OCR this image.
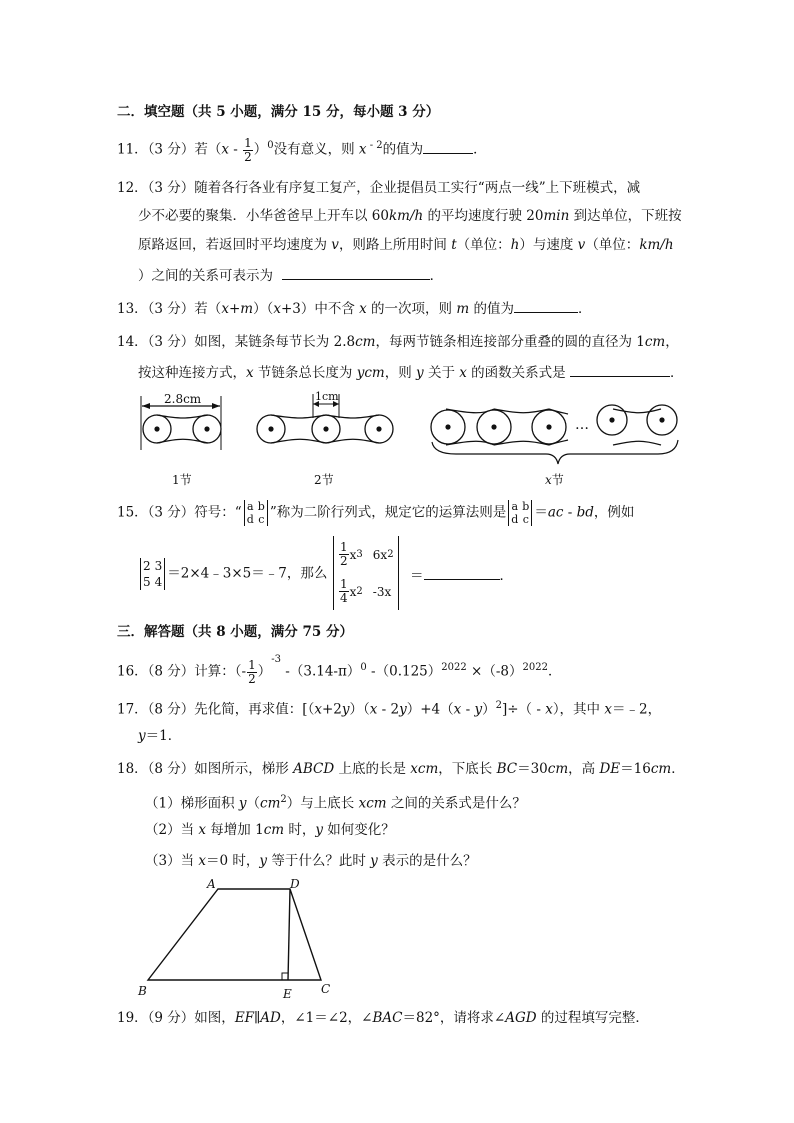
二．填空题（共 5 小题，满分 15 分，每小题 3 分）
11．（3 分）若$(x - \frac{1}{2} )^0$没有意义，则 x $^{- 2}$的值为	．
12．（3 分）随着各行各业有序复工复产，企业提倡员工实行“两点一线”上下班模式，减
少不必要的聚集．小华爸爸早上开车以 60km/h 的平均速度行驶 20min 到达单位，下班按
原路返回，若返回时平均速度为 v，则路上所用时间 t（单位：h）与速度 v（单位：km/h
）之间的关系可表示为	．
13．（3 分）若（x+m）（x+3）中不含 x 的一次项，则 m 的值为	．
14．（3 分）如图，某链条每节长为 2.8cm，每两节链条相连接部分重叠的圆的直径为 1cm，
按这种连接方式，x 节链条总长度为 ycm，则 y 关于 x 的函数关系式是	．
2.8cm
1节
1cm
2节
…
x节
15．（3 分）符号：“ a	b
d	c ”称为二阶行列式，规定它的运算法则是 a	b
d	c ＝ac - bd，例如
2	3
5	4＝2×4﹣3×5＝﹣7，那么
$\frac{1}{2}$ x 3 6x 2
$\frac{1}{4}$ x 2 -3x
＝	．
三．解答题（共 8 小题，满分 75 分）
16．（8 分）计算：（- $\frac{1}{2} )^{-3}$ $-(3.14-\pi)^0$ $-(0.125)^{2022} \times(-8)^{2022}$．
17．（8 分）先化简，再求值：[（x+2y）（x - 2y）+4（x - y）$^2$]÷（ - x），其中 x＝﹣2，
y＝1．
18．（8 分）如图所示，梯形 ABCD 上底的长是 xcm，下底长 BC＝30cm，高 DE＝16cm．
（1）梯形面积 $y(cm^2)$与上底长 xcm 之间的关系式是什么？
（2）当 x 每增加 1cm 时，y 如何变化？
（3）当 x＝0 时，y 等于什么？此时 y 表示的是什么？
A	D
B	E C
19．（9 分）如图，EF∥AD，∠1＝∠2，∠BAC＝82°，请将求∠AGD 的过程填写完整．
